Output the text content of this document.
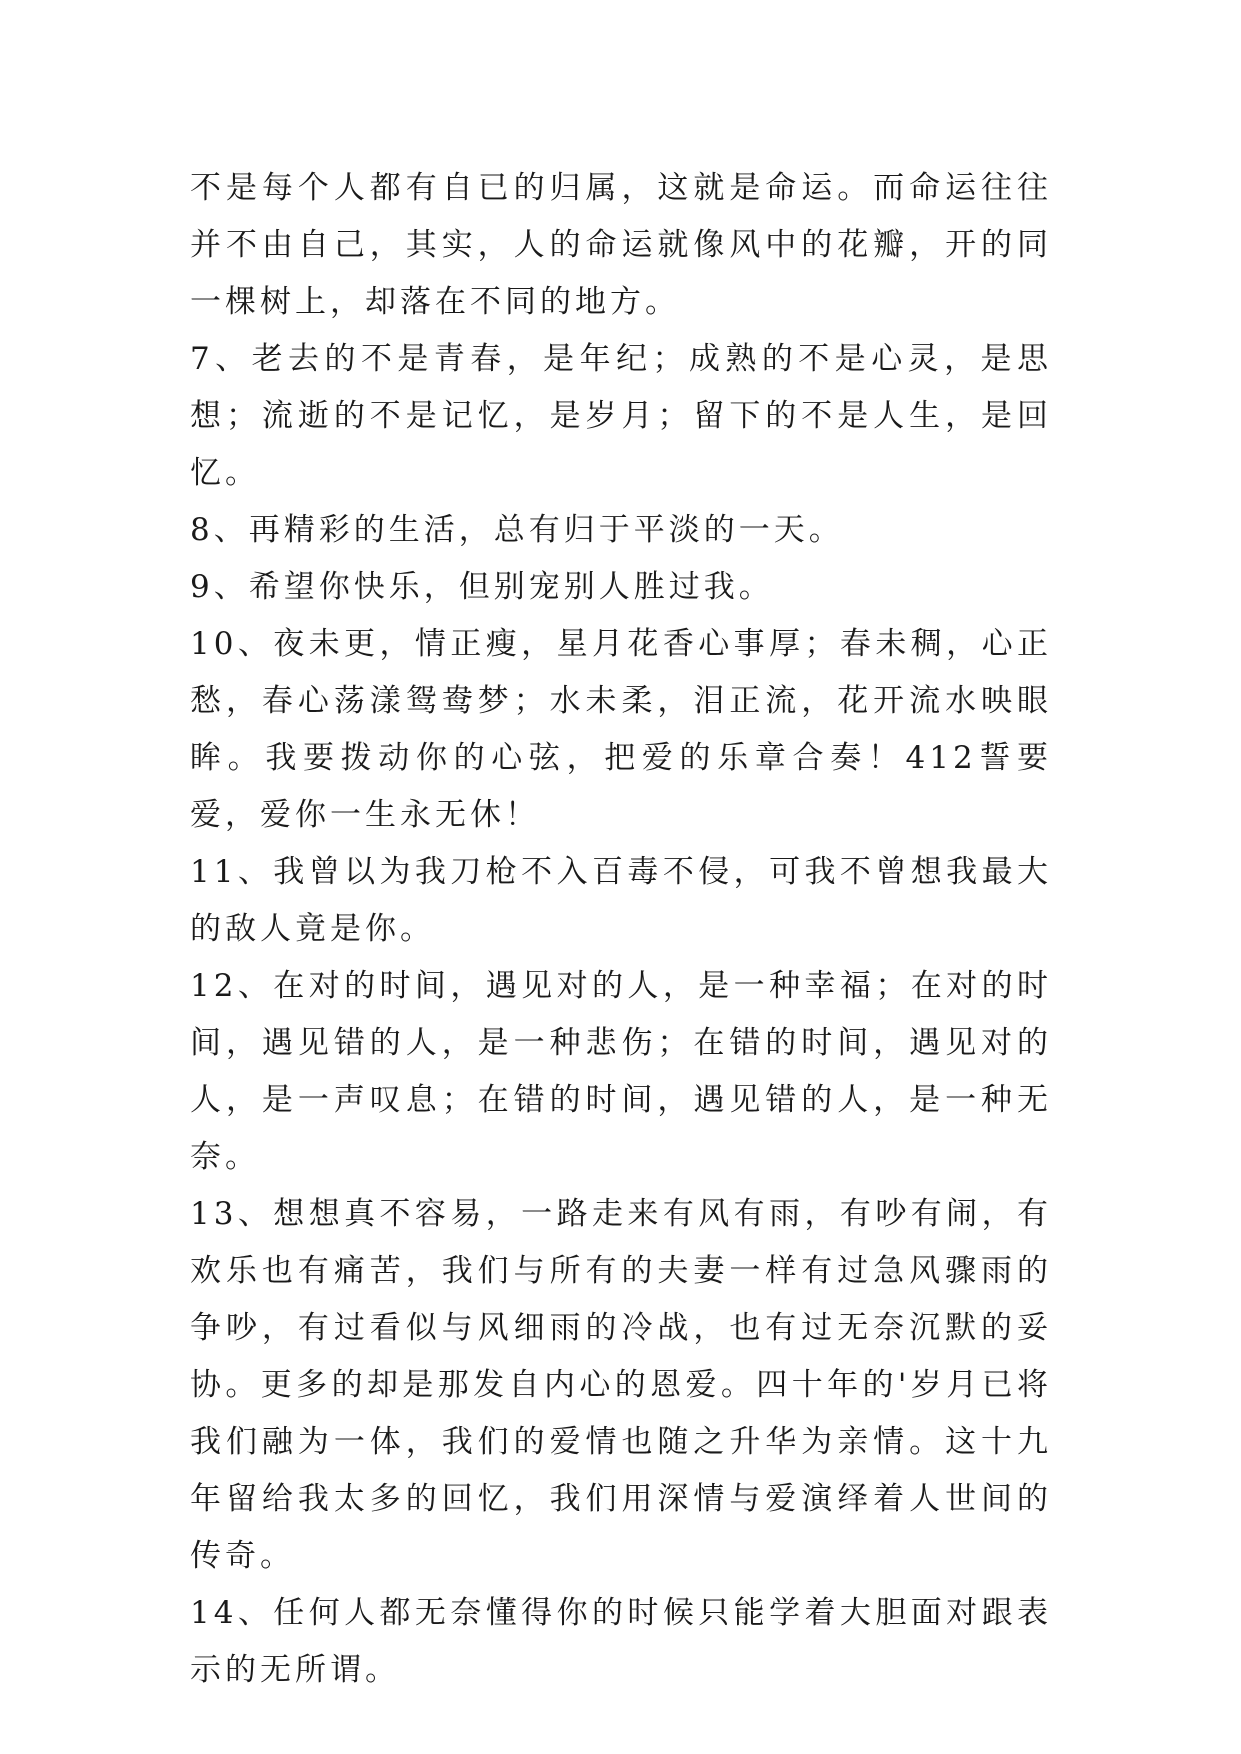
不是每个人都有自已的归属，这就是命运。而命运往往并不由自己，其实，人的命运就像风中的花瓣，开的同一棵树上，却落在不同的地方。

7、老去的不是青春，是年纪；成熟的不是心灵，是思想；流逝的不是记忆，是岁月；留下的不是人生，是回忆。

8、再精彩的生活，总有归于平淡的一天。

9、希望你快乐，但别宠别人胜过我。

10、夜未更，情正瘦，星月花香心事厚；春未稠，心正愁，春心荡漾鸳鸯梦；水未柔，泪正流，花开流水映眼眸。我要拨动你的心弦，把爱的乐章合奏！412誓要爱，爱你一生永无休！

11、我曾以为我刀枪不入百毒不侵，可我不曾想我最大的敌人竟是你。

12、在对的时间，遇见对的人，是一种幸福；在对的时间，遇见错的人，是一种悲伤；在错的时间，遇见对的人，是一声叹息；在错的时间，遇见错的人，是一种无奈。

13、想想真不容易，一路走来有风有雨，有吵有闹，有欢乐也有痛苦，我们与所有的夫妻一样有过急风骤雨的争吵，有过看似与风细雨的冷战，也有过无奈沉默的妥协。更多的却是那发自内心的恩爱。四十年的'岁月已将我们融为一体，我们的爱情也随之升华为亲情。这十九年留给我太多的回忆，我们用深情与爱演绎着人世间的传奇。

14、任何人都无奈懂得你的时候只能学着大胆面对跟表示的无所谓。
